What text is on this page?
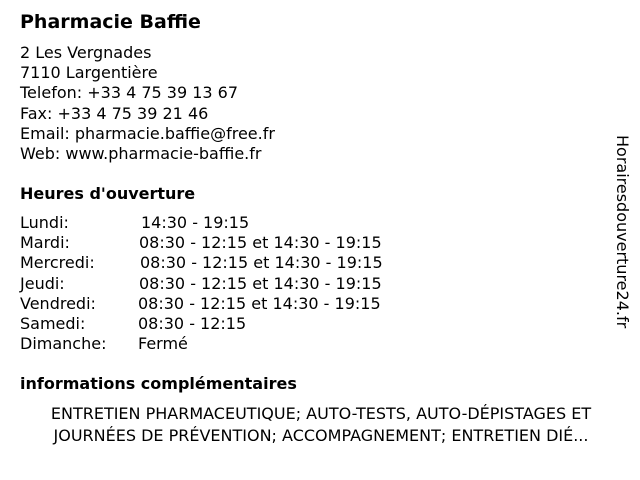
Pharmacie Baffie
2 Les Vergnades
7110 Largentière
Telefon: +33 4 75 39 13 67
Fax: +33 4 75 39 21 46
Email: pharmacie.baffie@free.fr
Web: www.pharmacie-baffie.fr
Heures d'ouverture
Lundi:	14:30 - 19:15
Mardi:	08:30 - 12:15 et 14:30 - 19:15
Mercredi:	08:30 - 12:15 et 14:30 - 19:15
Jeudi:	08:30 - 12:15 et 14:30 - 19:15
Vendredi:	08:30 - 12:15 et 14:30 - 19:15
Samedi:	08:30 - 12:15
Dimanche: Fermé
informations complémentaires
ENTRETIEN PHARMACEUTIQUE; AUTO-TESTS, AUTO-DÉPISTAGES ET
JOURNÉES DE PRÉVENTION; ACCOMPAGNEMENT; ENTRETIEN DIÉ...
Horairesdouverture24.fr
